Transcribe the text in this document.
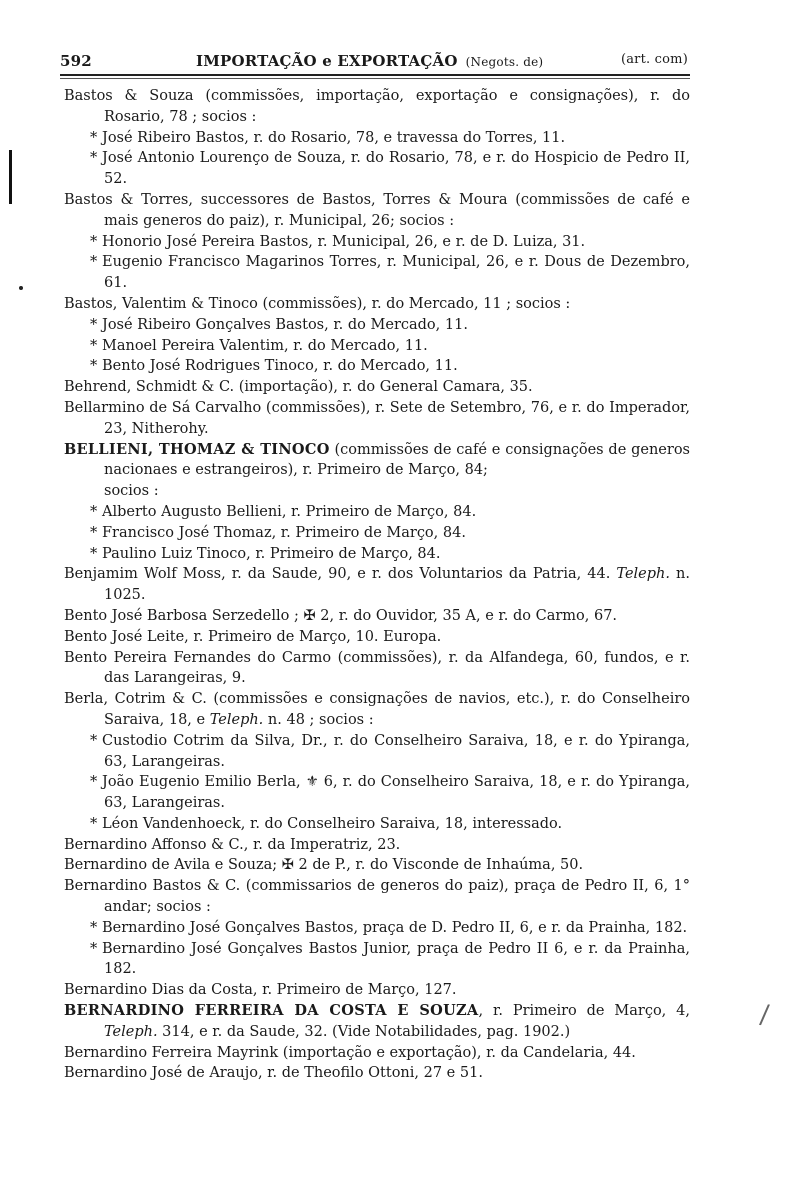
592	IMPORTAÇÃO e EXPORTAÇÃO (Negots. de)	(art. com)
/
Bastos & Souza (commissões, importação, exportação e consignações), r. do Rosario, 78 ; socios :
* José Ribeiro Bastos, r. do Rosario, 78, e travessa do Torres, 11.
* José Antonio Lourenço de Souza, r. do Rosario, 78, e r. do Hospicio de Pedro II, 52.
Bastos & Torres, successores de Bastos, Torres & Moura (commissões de café e mais generos do paiz), r. Municipal, 26; socios :
* Honorio José Pereira Bastos, r. Municipal, 26, e r. de D. Luiza, 31.
* Eugenio Francisco Magarinos Torres, r. Municipal, 26, e r. Dous de Dezembro, 61.
Bastos, Valentim & Tinoco (commissões), r. do Mercado, 11 ; socios :
* José Ribeiro Gonçalves Bastos, r. do Mercado, 11.
* Manoel Pereira Valentim, r. do Mercado, 11.
* Bento José Rodrigues Tinoco, r. do Mercado, 11.
Behrend, Schmidt & C. (importação), r. do General Camara, 35.
Bellarmino de Sá Carvalho (commissões), r. Sete de Setembro, 76, e r. do Imperador, 23, Nitherohy.
BELLIENI, THOMAZ & TINOCO (commissões de café e consignações de generos nacionaes e estrangeiros), r. Primeiro de Março, 84;
socios :
* Alberto Augusto Bellieni, r. Primeiro de Março, 84.
* Francisco José Thomaz, r. Primeiro de Março, 84.
* Paulino Luiz Tinoco, r. Primeiro de Março, 84.
Benjamim Wolf Moss, r. da Saude, 90, e r. dos Voluntarios da Patria, 44. Teleph. n. 1025.
Bento José Barbosa Serzedello ; ✠ 2, r. do Ouvidor, 35 A, e r. do Carmo, 67.
Bento José Leite, r. Primeiro de Março, 10. Europa.
Bento Pereira Fernandes do Carmo (commissões), r. da Alfandega, 60, fundos, e r. das Larangeiras, 9.
Berla, Cotrim & C. (commissões e consignações de navios, etc.), r. do Conselheiro Saraiva, 18, e Teleph. n. 48 ; socios :
* Custodio Cotrim da Silva, Dr., r. do Conselheiro Saraiva, 18, e r. do Ypiranga, 63, Larangeiras.
* João Eugenio Emilio Berla, ⚜ 6, r. do Conselheiro Saraiva, 18, e r. do Ypiranga, 63, Larangeiras.
* Léon Vandenhoeck, r. do Conselheiro Saraiva, 18, interessado.
Bernardino Affonso & C., r. da Imperatriz, 23.
Bernardino de Avila e Souza; ✠ 2 de P., r. do Visconde de Inhaúma, 50.
Bernardino Bastos & C. (commissarios de generos do paiz), praça de Pedro II, 6, 1° andar; socios :
* Bernardino José Gonçalves Bastos, praça de D. Pedro II, 6, e r. da Prainha, 182.
* Bernardino José Gonçalves Bastos Junior, praça de Pedro II 6, e r. da Prainha, 182.
Bernardino Dias da Costa, r. Primeiro de Março, 127.
BERNARDINO FERREIRA DA COSTA E SOUZA, r. Primeiro de Março, 4, Teleph. 314, e r. da Saude, 32. (Vide Notabilidades, pag. 1902.)
Bernardino Ferreira Mayrink (importação e exportação), r. da Candelaria, 44.
Bernardino José de Araujo, r. de Theofilo Ottoni, 27 e 51.
